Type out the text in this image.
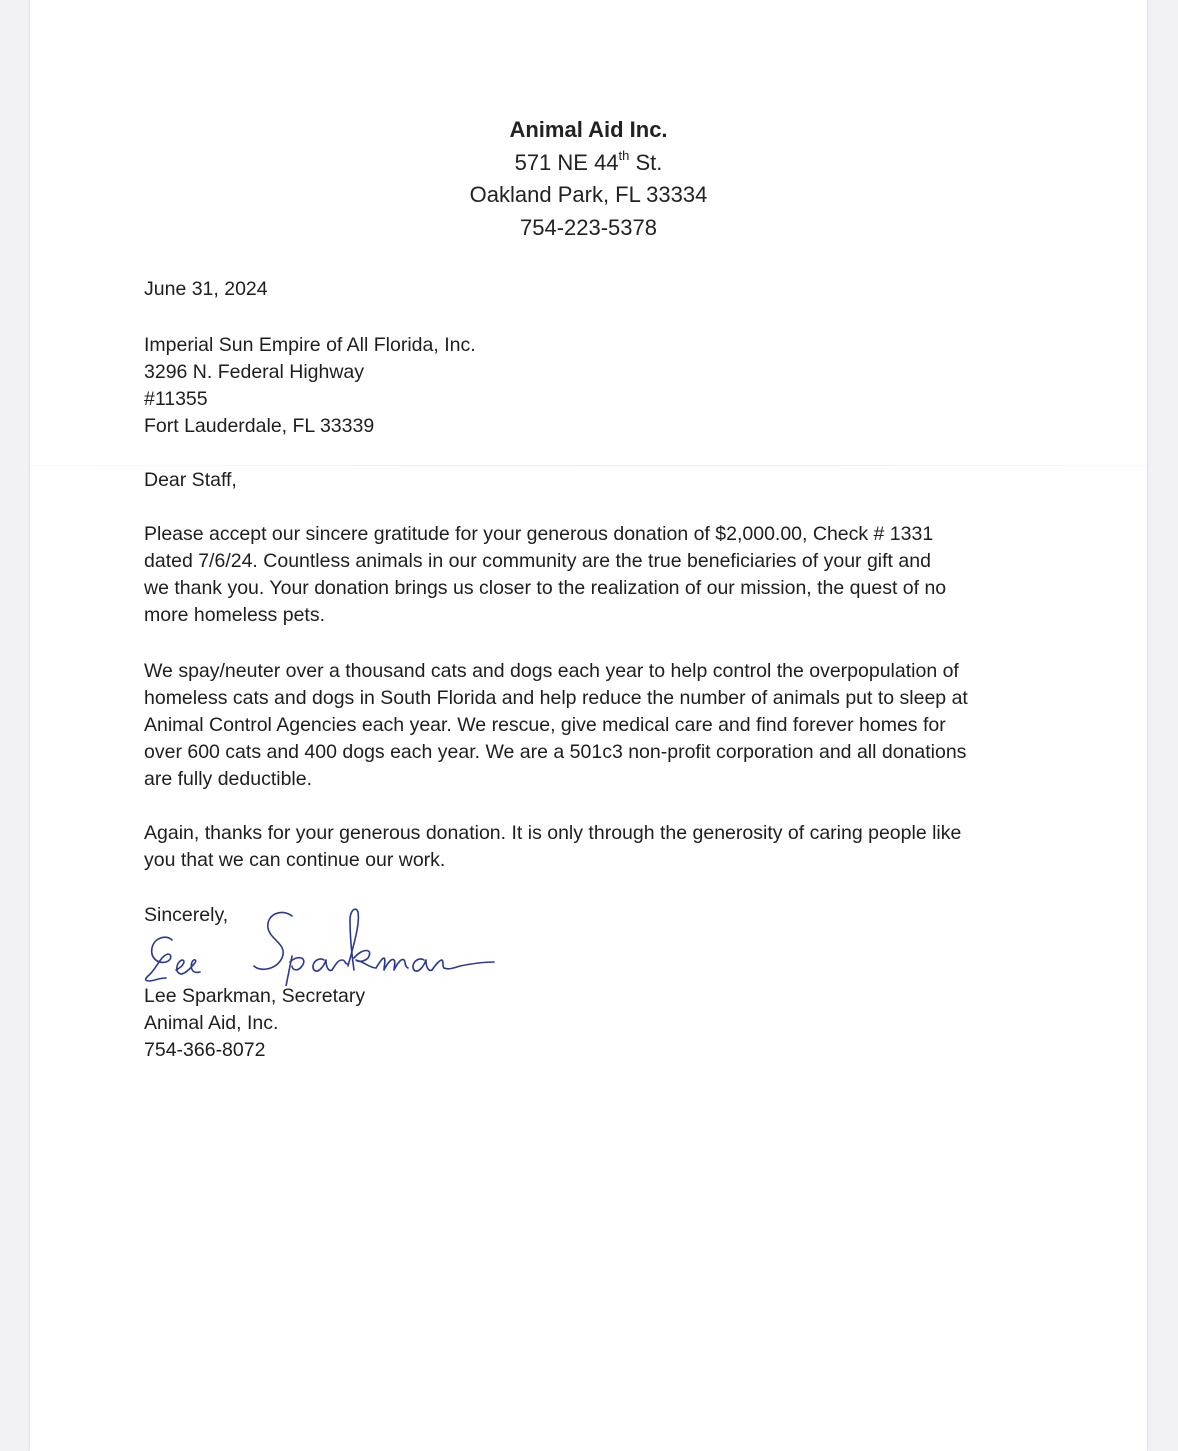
Animal Aid Inc.
571 NE 44th St.
Oakland Park, FL 33334
754-223-5378
June 31, 2024
Imperial Sun Empire of All Florida, Inc.
3296 N. Federal Highway
#11355
Fort Lauderdale, FL 33339
Dear Staff,
Please accept our sincere gratitude for your generous donation of $2,000.00, Check # 1331
dated 7/6/24. Countless animals in our community are the true beneficiaries of your gift and
we thank you. Your donation brings us closer to the realization of our mission, the quest of no
more homeless pets.
We spay/neuter over a thousand cats and dogs each year to help control the overpopulation of
homeless cats and dogs in South Florida and help reduce the number of animals put to sleep at
Animal Control Agencies each year. We rescue, give medical care and find forever homes for
over 600 cats and 400 dogs each year. We are a 501c3 non-profit corporation and all donations
are fully deductible.
Again, thanks for your generous donation. It is only through the generosity of caring people like
you that we can continue our work.
Sincerely,
Lee Sparkman, Secretary
Animal Aid, Inc.
754-366-8072
